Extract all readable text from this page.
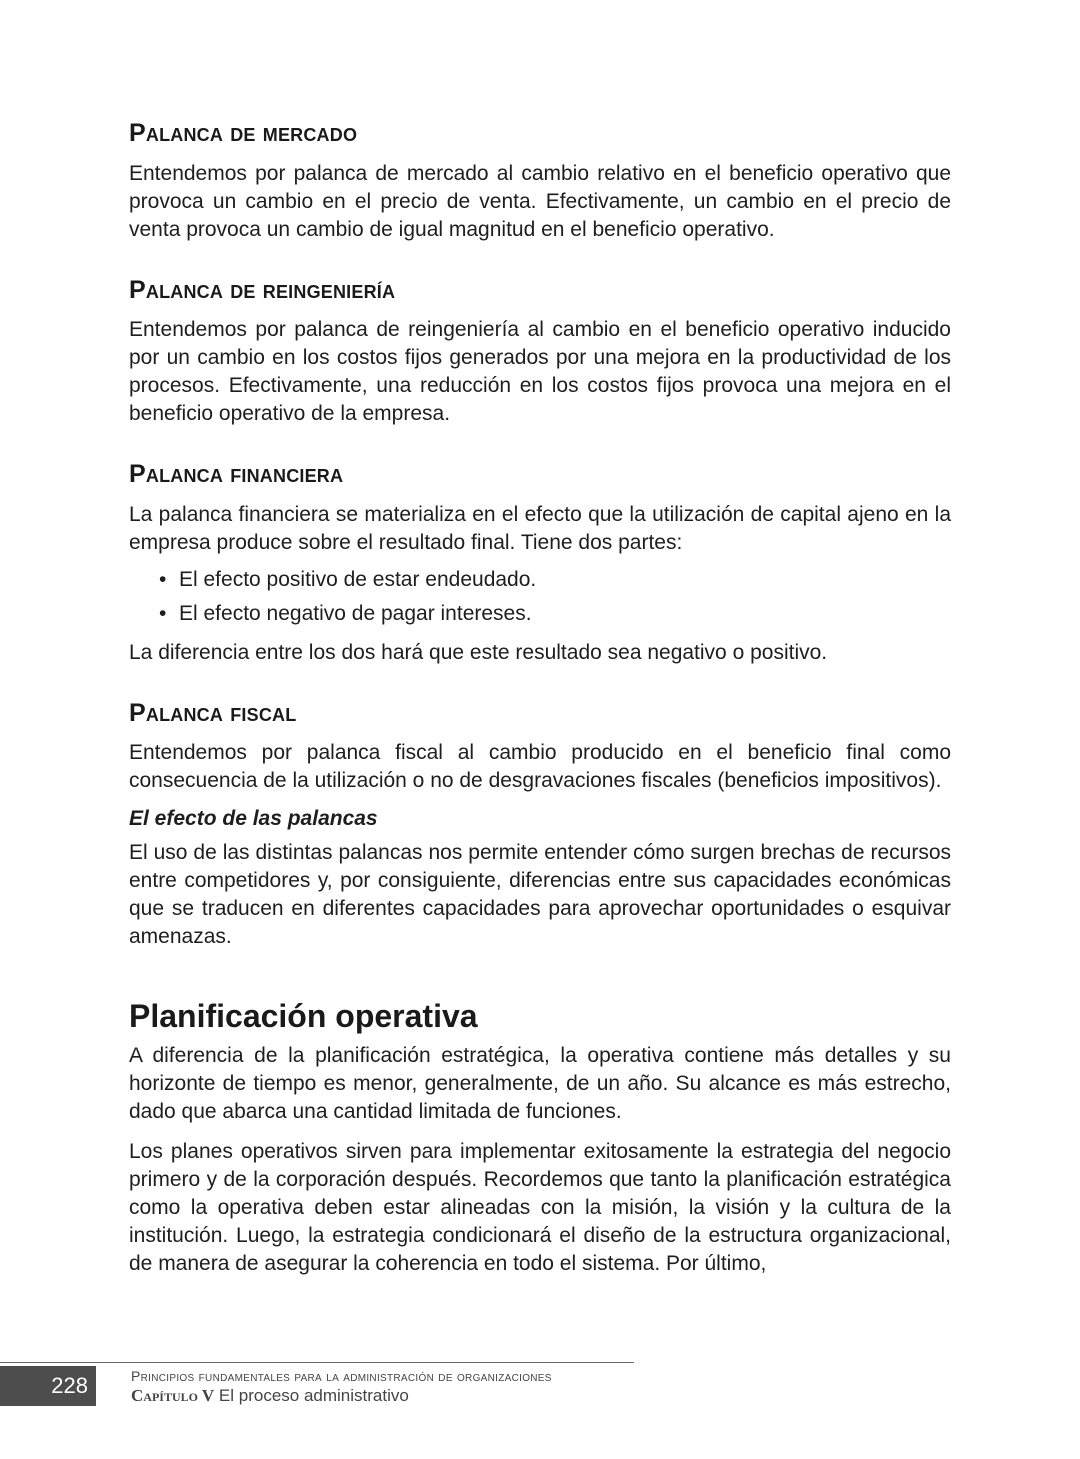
Palanca de mercado

Entendemos por palanca de mercado al cambio relativo en el beneficio operativo que provoca un cambio en el precio de venta. Efectivamente, un cambio en el precio de venta provoca un cambio de igual magnitud en el beneficio operativo.

Palanca de reingeniería

Entendemos por palanca de reingeniería al cambio en el beneficio operativo inducido por un cambio en los costos fijos generados por una mejora en la productividad de los procesos. Efectivamente, una reducción en los costos fijos provoca una mejora en el beneficio operativo de la empresa.

Palanca financiera

La palanca financiera se materializa en el efecto que la utilización de capital ajeno en la empresa produce sobre el resultado final. Tiene dos partes:

• El efecto positivo de estar endeudado.
• El efecto negativo de pagar intereses.

La diferencia entre los dos hará que este resultado sea negativo o positivo.

Palanca fiscal

Entendemos por palanca fiscal al cambio producido en el beneficio final como consecuencia de la utilización o no de desgravaciones fiscales (beneficios impositivos).

El efecto de las palancas

El uso de las distintas palancas nos permite entender cómo surgen brechas de recursos entre competidores y, por consiguiente, diferencias entre sus capacidades económicas que se traducen en diferentes capacidades para aprovechar oportunidades o esquivar amenazas.

Planificación operativa

A diferencia de la planificación estratégica, la operativa contiene más detalles y su horizonte de tiempo es menor, generalmente, de un año. Su alcance es más estrecho, dado que abarca una cantidad limitada de funciones.

Los planes operativos sirven para implementar exitosamente la estrategia del negocio primero y de la corporación después. Recordemos que tanto la planificación estratégica como la operativa deben estar alineadas con la misión, la visión y la cultura de la institución. Luego, la estrategia condicionará el diseño de la estructura organizacional, de manera de asegurar la coherencia en todo el sistema. Por último,

228	Principios fundamentales para la administración de organizaciones
Capítulo V El proceso administrativo
